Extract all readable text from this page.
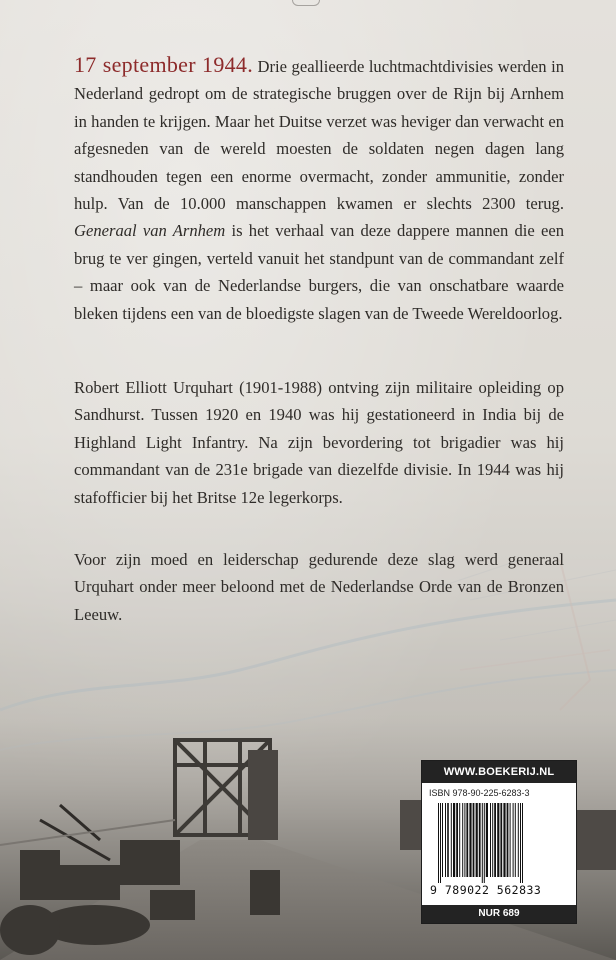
17 september 1944. Drie geallieerde luchtmachtdivisies werden in Nederland gedropt om de strategische bruggen over de Rijn bij Arnhem in handen te krijgen. Maar het Duitse verzet was heviger dan verwacht en afgesneden van de wereld moesten de soldaten negen dagen lang standhouden tegen een enorme overmacht, zonder ammunitie, zonder hulp. Van de 10.000 manschappen kwamen er slechts 2300 terug. Generaal van Arnhem is het verhaal van deze dappere mannen die een brug te ver gingen, verteld vanuit het standpunt van de commandant zelf – maar ook van de Nederlandse burgers, die van onschatbare waarde bleken tijdens een van de bloedigste slagen van de Tweede Wereldoorlog.
Robert Elliott Urquhart (1901-1988) ontving zijn militaire opleiding op Sandhurst. Tussen 1920 en 1940 was hij gestationeerd in India bij de Highland Light Infantry. Na zijn bevordering tot brigadier was hij commandant van de 231e brigade van diezelfde divisie. In 1944 was hij stafofficier bij het Britse 12e legerkorps.
Voor zijn moed en leiderschap gedurende deze slag werd generaal Urquhart onder meer beloond met de Nederlandse Orde van de Bronzen Leeuw.
WWW.BOEKERIJ.NL
ISBN 978-90-225-6283-3
9 789022 562833
NUR 689
